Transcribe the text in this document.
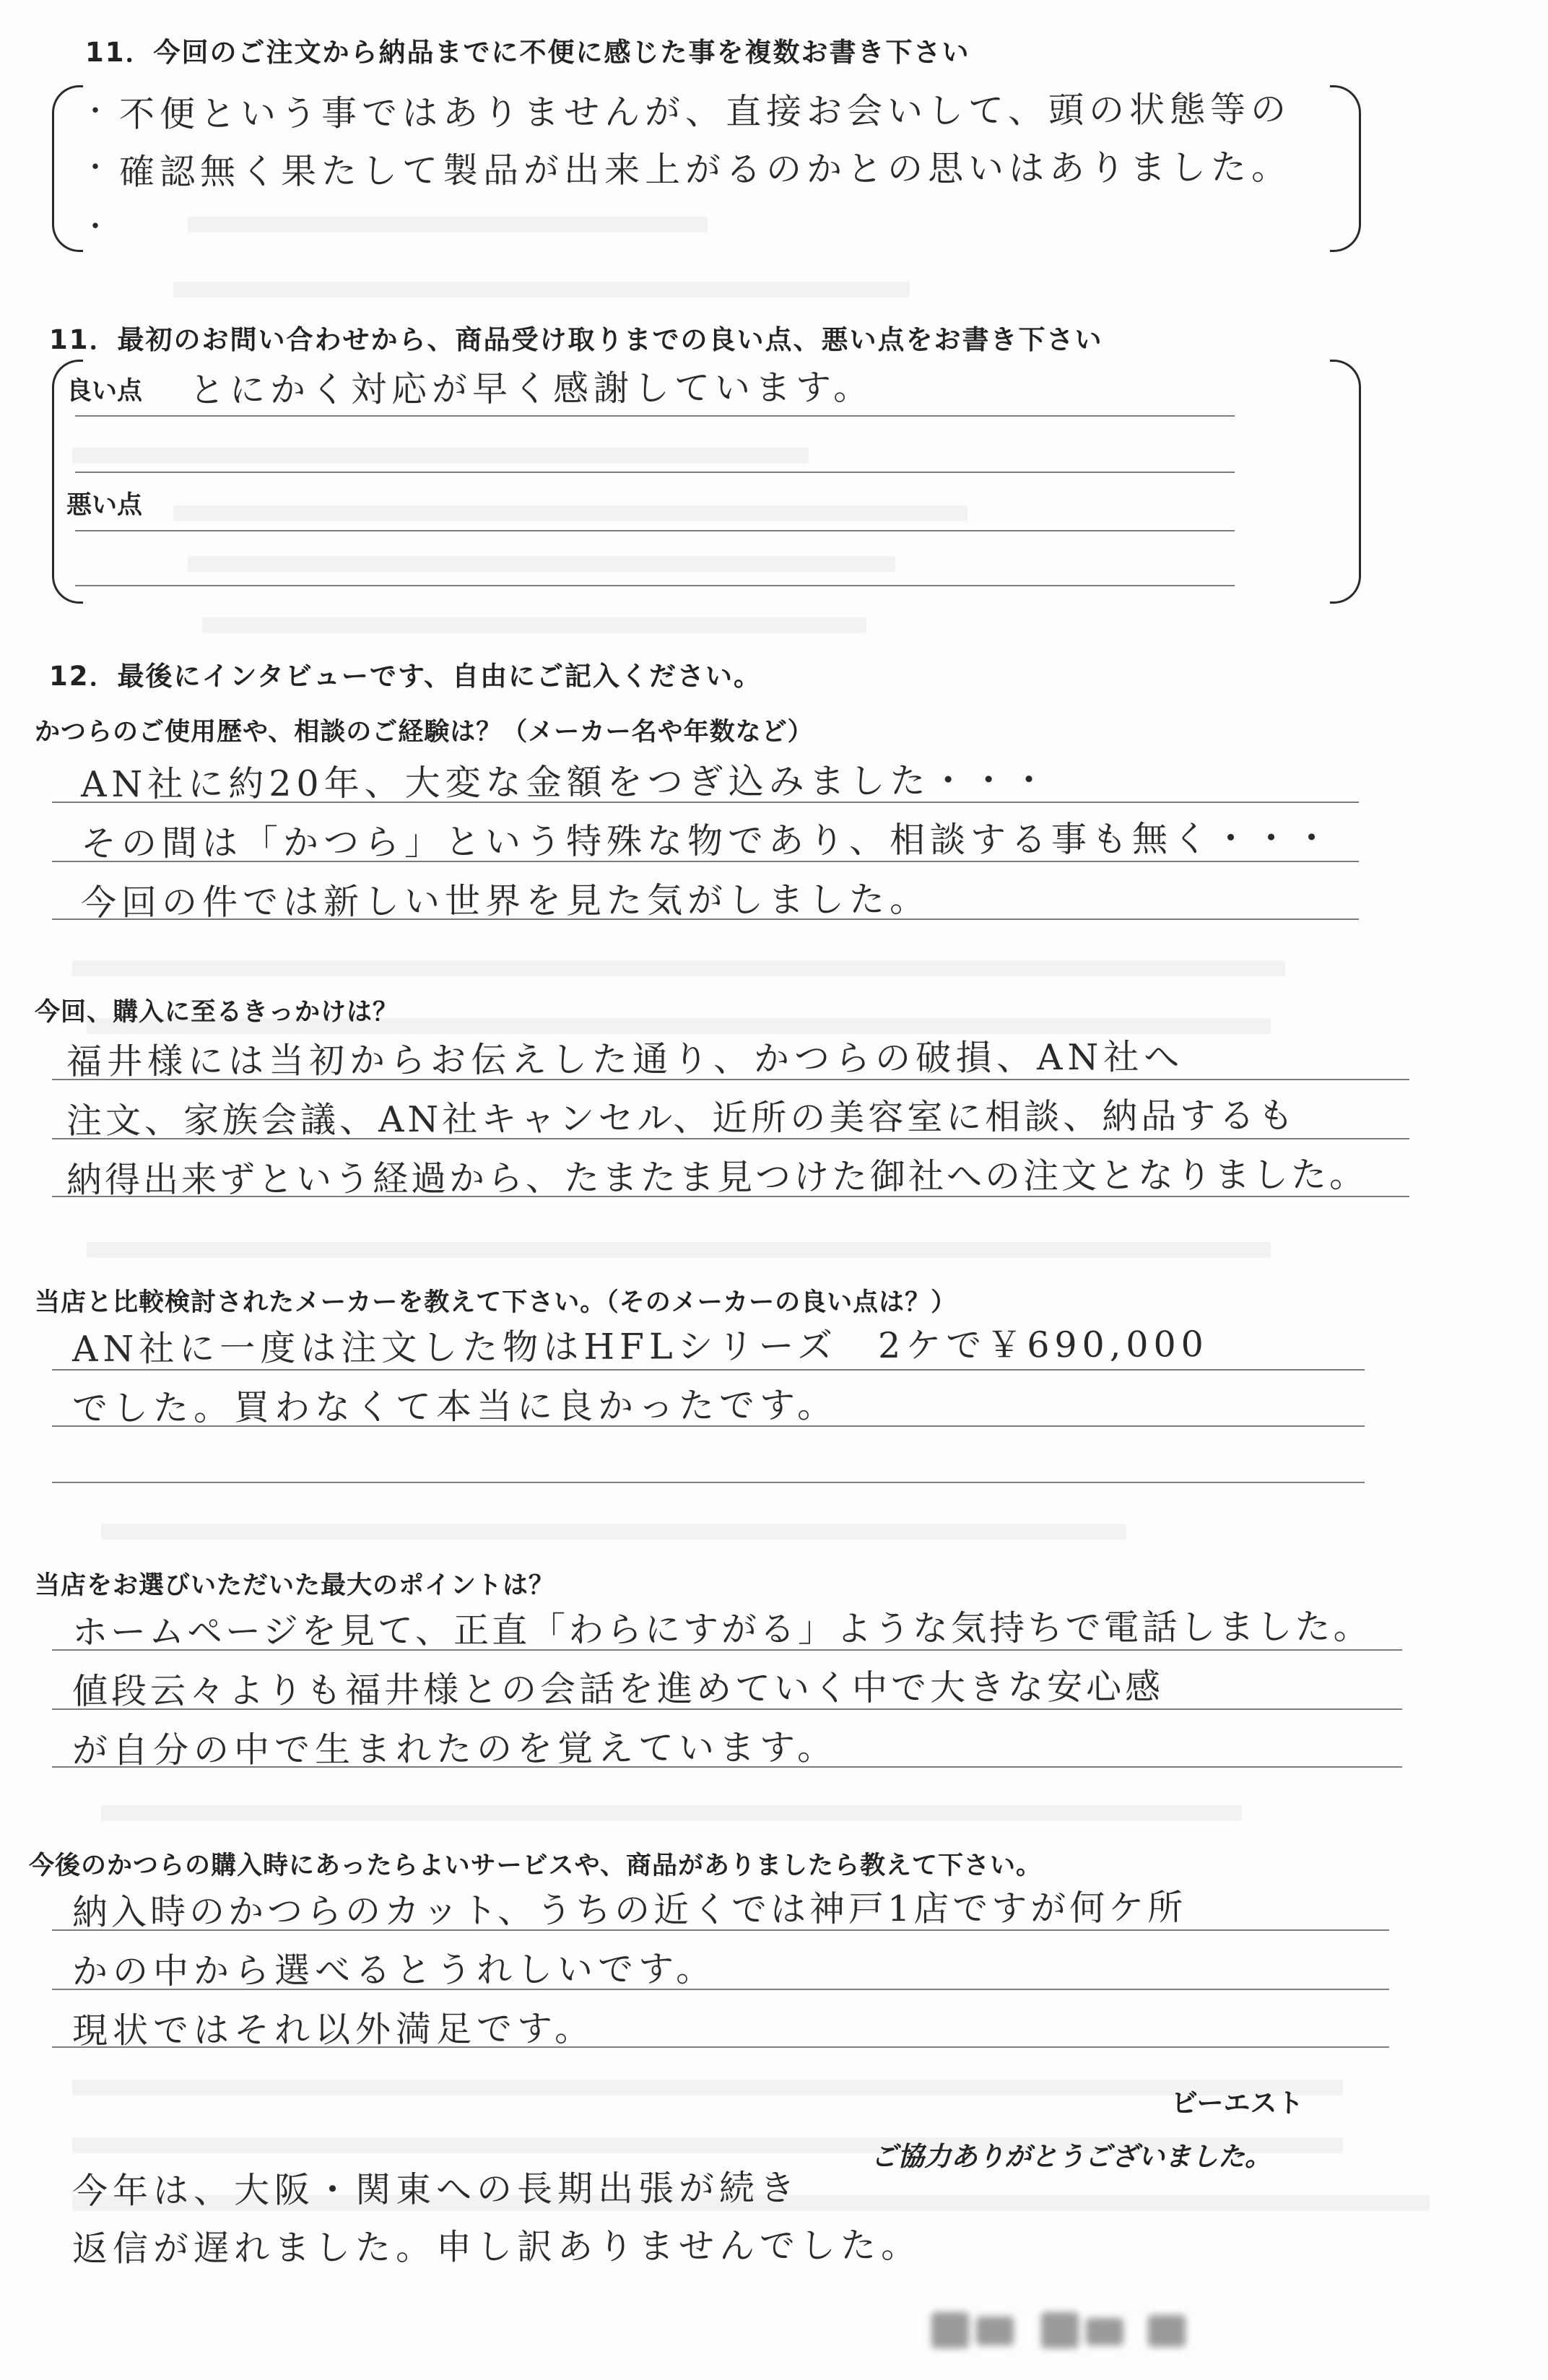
11．今回のご注文から納品までに不便に感じた事を複数お書き下さい
・
・
・
不便という事ではありませんが、直接お会いして、頭の状態等の
確認無く果たして製品が出来上がるのかとの思いはありました。
11．最初のお問い合わせから、商品受け取りまでの良い点、悪い点をお書き下さい
良い点 とにかく対応が早く感謝しています。
悪い点
12．最後にインタビューです、自由にご記入ください。
かつらのご使用歴や、相談のご経験は？（メーカー名や年数など）
AN社に約20年、大変な金額をつぎ込みました・・・
その間は「かつら」という特殊な物であり、相談する事も無く・・・
今回の件では新しい世界を見た気がしました。
今回、購入に至るきっかけは？
福井様には当初からお伝えした通り、かつらの破損、AN社へ
注文、家族会議、AN社キャンセル、近所の美容室に相談、納品するも
納得出来ずという経過から、たまたま見つけた御社への注文となりました。
当店と比較検討されたメーカーを教えて下さい。（そのメーカーの良い点は？）
AN社に一度は注文した物はHFLシリーズ　2ケで￥690,000
でした。買わなくて本当に良かったです。
当店をお選びいただいた最大のポイントは？
ホームページを見て、正直「わらにすがる」ような気持ちで電話しました。
値段云々よりも福井様との会話を進めていく中で大きな安心感
が自分の中で生まれたのを覚えています。
今後のかつらの購入時にあったらよいサービスや、商品がありましたら教えて下さい。
納入時のかつらのカット、うちの近くでは神戸1店ですが何ケ所
かの中から選べるとうれしいです。
現状ではそれ以外満足です。
ビーエスト
ご協力ありがとうございました。
今年は、大阪・関東への長期出張が続き
返信が遅れました。申し訳ありませんでした。
